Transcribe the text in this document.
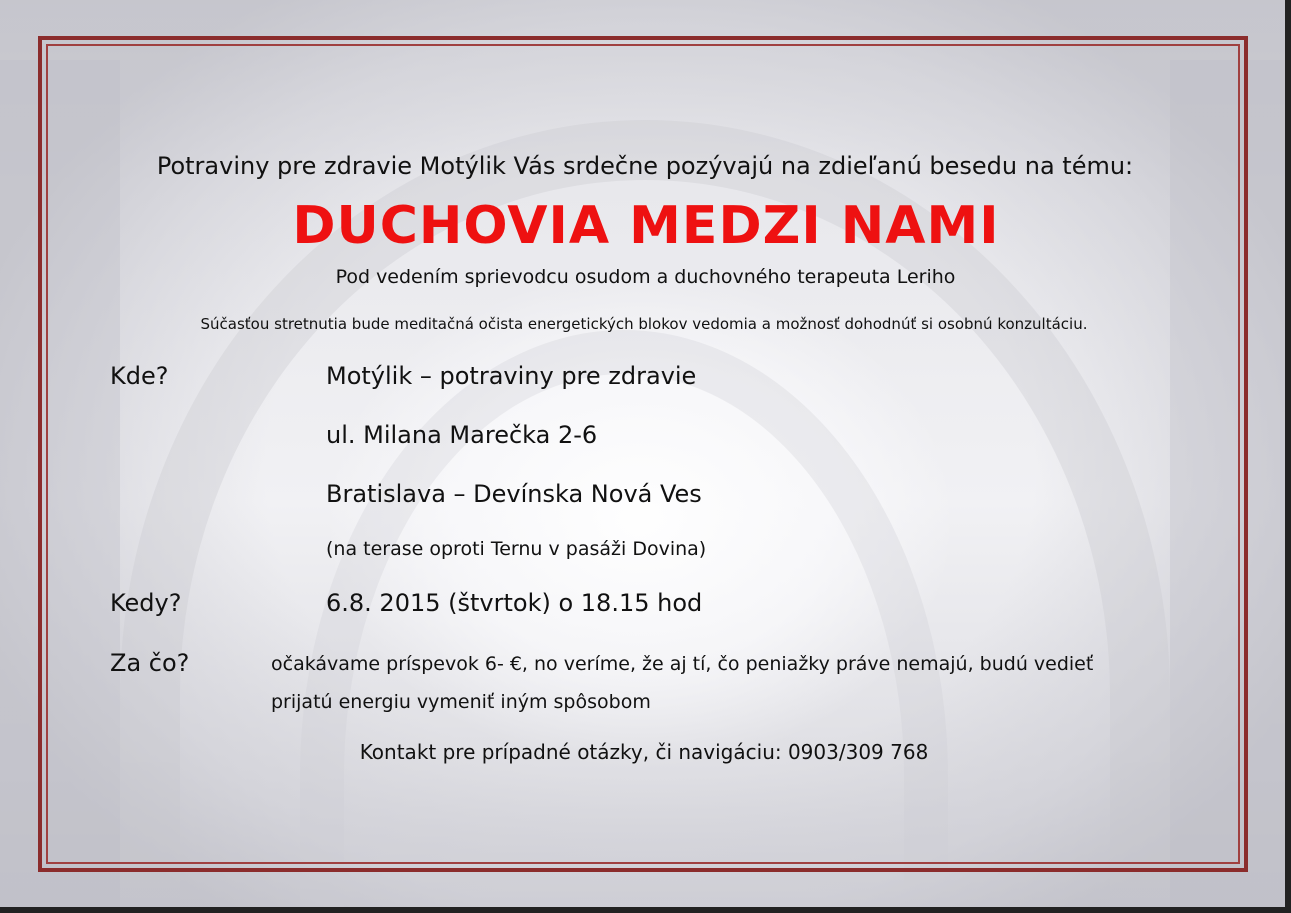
Potraviny pre zdravie Motýlik Vás srdečne pozývajú na zdieľanú besedu na tému:
DUCHOVIA MEDZI NAMI
Pod vedením sprievodcu osudom a duchovného terapeuta Leriho
Súčasťou stretnutia bude meditačná očista energetických blokov vedomia a možnosť dohodnúť si osobnú konzultáciu.
Kde?	Motýlik – potraviny pre zdravie
ul. Milana Marečka 2-6
Bratislava – Devínska Nová Ves
(na terase oproti Ternu v pasáži Dovina)
Kedy?	6.8. 2015 (štvrtok) o 18.15 hod
Za čo?	očakávame príspevok 6- €, no veríme, že aj tí, čo peniažky práve nemajú, budú vedieť
prijatú energiu vymeniť iným spôsobom
Kontakt pre prípadné otázky, či navigáciu: 0903/309 768
